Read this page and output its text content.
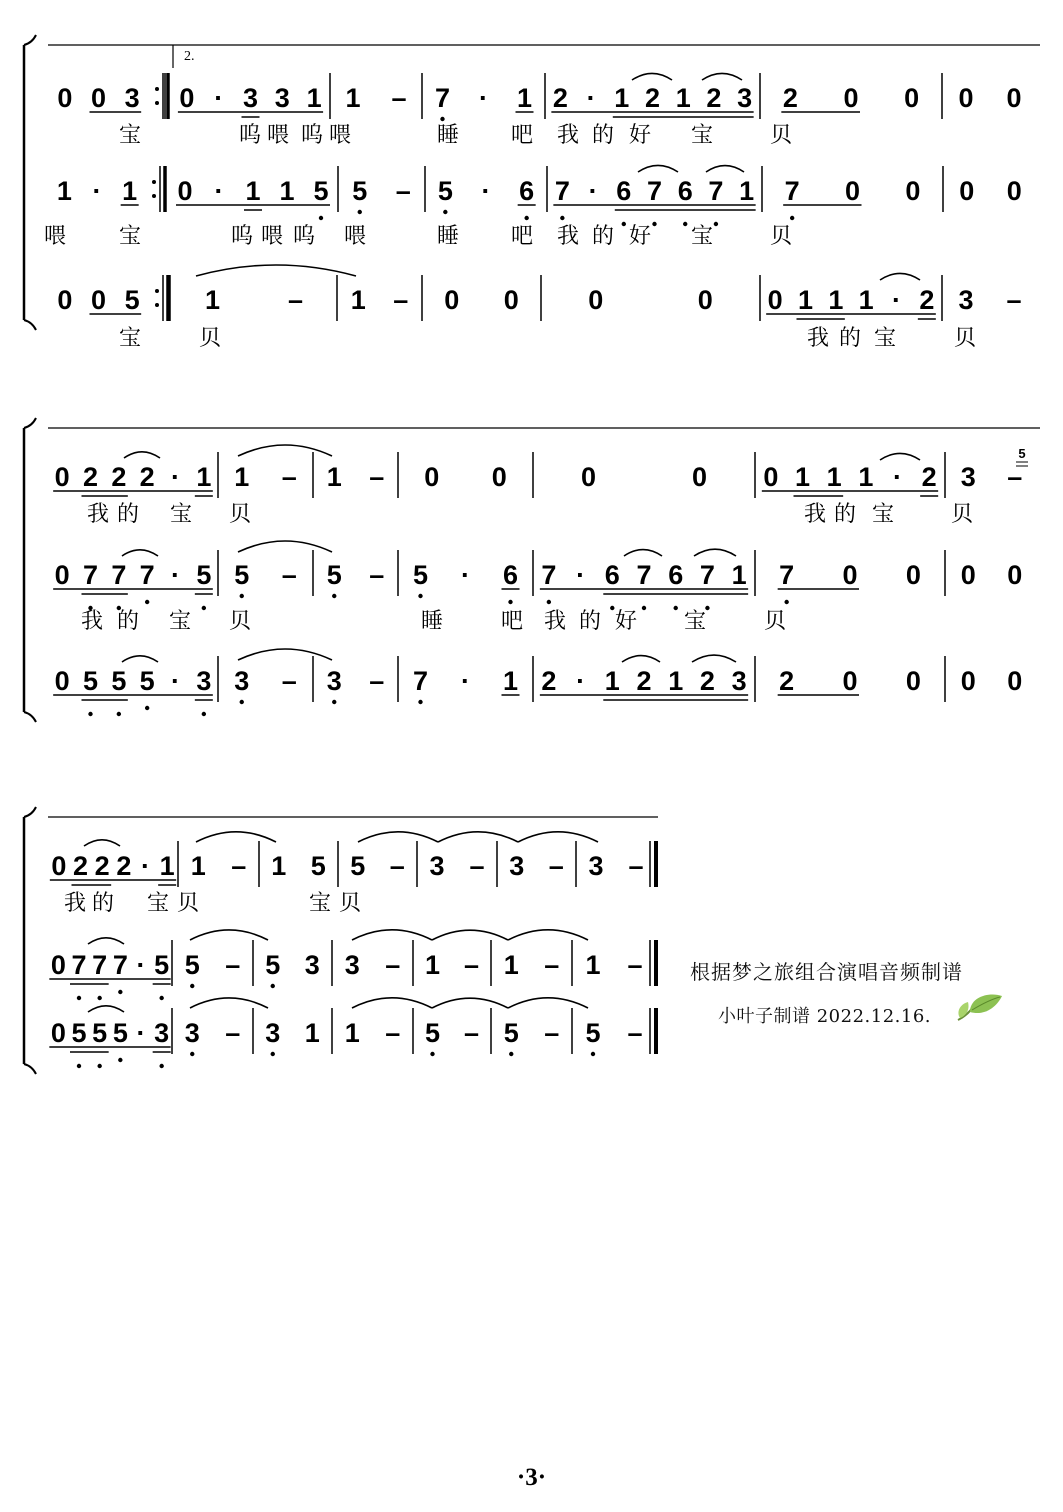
0 0 3 0 · 3 3 1 1 – 7 · 1 2 · 1 2 1 2 3 2 0 0 0 0
宝	呜 喂 呜 喂	睡 吧 我 的 好 宝	贝
1 · 1 0 · 1 1 5 5 – 5 · 6 7 · 6 7 6 7 1 7 0 0 0 0
喂 宝	呜 喂 呜 喂	睡 吧 我 的 好 宝	贝
0 0 5 1	– 1 – 0 0	0	0 0 1 1 1 · 2 3 –
宝	贝	我 的 宝	贝
0 2 2 2 · 1 1 – 1 – 0 0	0	0 0 1 1 1 · 2 3 –
我 的 宝 贝	我 的 宝	贝
0 7 7 7 · 5 5 – 5 – 5 · 6 7 · 6 7 6 7 1 7 0 0 0 0
我 的 宝 贝	睡	吧 我 的 好 宝	贝
0 5 5 5 · 3 3 – 3 – 7 · 1 2 · 1 2 1 2 3 2 0 0 0 0
0 2 2 2 · 1 1 – 1 5 5 – 3 – 3 – 3 –
我 的 宝 贝	宝 贝
0 7 7 7 · 5 5 – 5 3 3 – 1 – 1 – 1 –
0 5 5 5 · 3 3 – 3 1 1 – 5 – 5 – 5 –
2.
5
根据梦之旅组合演唱音频制谱
小叶子制谱 2022.12.16.
·3·
